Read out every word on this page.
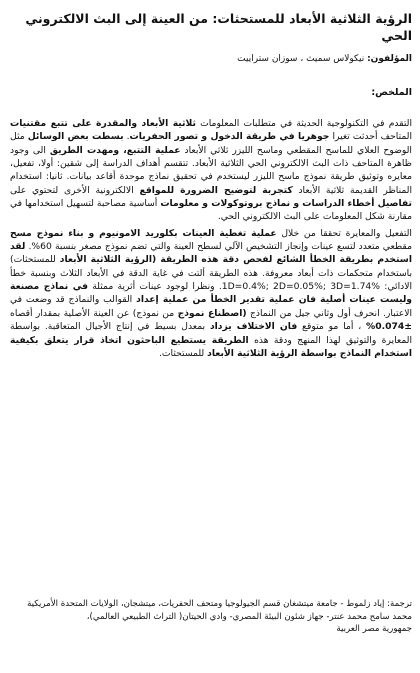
الرؤية الثلاثية الأبعاد للمستحثات: من العينة إلى البث الالكتروني الحي
المؤلفون: نيكولاس سميث ، سوزان ستراييت
الملخص:

التقدم في التكنولوجية الحديثة في متطلبات المعلومات ثلاثية الأبعاد والمقدرة على تتبع مقتنيات المتاحف أحدثت تغيرا جوهريا في طريقة الدخول و تصور الحفريات. بسطت بعض الوسائل مثل الوضوح العلاي للماسح المقطعي وماسح الليزر ثلاثي الأبعاد عملية التتبع، ومهدت الطريق الى وجود ظاهرة المتاحف ذات البث الالكتروني الحي الثلاثية الأبعاد. تتقسم أهداف الدراسة إلى شقين: أولا، تفعيل، معايره وتوثيق طريقة نموذج ماسح الليزر ليستخدم في تحقيق نماذج موحدة أقاعد بيانات. ثانيا: استخدام المناظر القديمة ثلاثية الأبعاد كتجربة لتوضيح الضرورة للمواقع الالكترونية الأخرى لتحتوي على تفاصيل أخطاء الدراسات و نماذج بروتوكولات و معلومات أساسية مصاحبة لتسهيل استخدامها في مقارنة شكل المعلومات على البث الالكتروني الحي.

التفعيل والمعايرة تحققا من خلال عملية تغطية العينات بكلوريد الامونيوم و بناء نموذج مسح مقطعي متعدد لتسع عينات وإنجاز التشخيص الآلي لسطح العينة والتي تضم نموذج مصغر بنسبة 60%. لقد استخدم بطريقة الخطأ الشائع لفحص دقة هذه الطريقة (الرؤية الثلاثية الأبعاد للمستحثات) باستخدام متحكمات ذات أبعاد معروفة. هذه الطريقة ألتت في غاية الدقة في الأبعاد الثلاث وبنسبة خطأ الادائي: 1D=0.4%; 2D=0.05%; 3D=1.74%. ونظرا لوجود عينات أثرية ممثلة في نماذج مصنعة وليست عينات أصلية فان عملية تقدير الخطأ من عملية إعداد القوالب والنماذج قد وضعت في الاعتبار. انحرف أول وثاني جيل من النماذج (اصطناع نموذج من نموذج) عن العينة الأصلية بمقدار أقصاه ±0.074% ، أما مو متوقع فان الاختلاف يزداد بمعدل بسيط في إنتاج الأجيال المتعاقبة. بواسطة المعايرة والتوثيق لهذا المنهج ودقة هذه الطريقة يستطيع الباحثون اتخاذ قرار يتعلق بكيفية استخدام النماذج بواسطة الرؤية الثلاثية الأبعاد للمستحثات.

ترجمة: إياد زلموط - جامعة ميتشغان قسم الجيولوجيا ومتحف الحفريات، ميتشجان، الولايات المتحدة الأمريكية
محمد سامح محمد عنتر- جهاز شئون البيئة المصري- وادي الحيتان( التراث الطبيعي العالمي)،
جمهورية مصر العربية
